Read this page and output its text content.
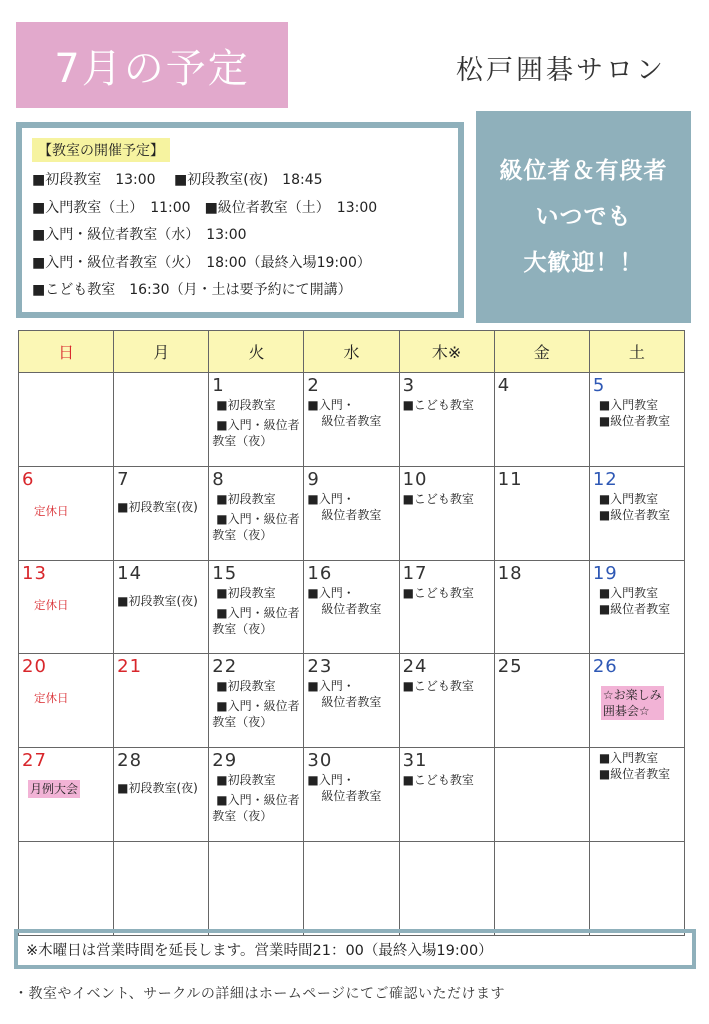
7月の予定	松戸囲碁サロン
【教室の開催予定】
■初段教室　13:00　 ■初段教室(夜)　18:45
■入門教室（土）　11:00　■級位者教室（土）　13:00
■入門・級位者教室（水）　13:00
■入門・級位者教室（火）　18:00（最終入場19:00）
■こども教室　16:30（月・土は要予約にて開講）
級位者＆有段者
いつでも
大歓迎！！
日	月	火	水	木※	金	土

		1
■初段教室
■入門・級位者
教室（夜）	2
■入門・
級位者教室	3
■こども教室	4	5
■入門教室
■級位者教室

6
定休日	7
■初段教室(夜)	8
■初段教室
■入門・級位者
教室（夜）	9
■入門・
級位者教室	10
■こども教室	11	12
■入門教室
■級位者教室

13
定休日	14
■初段教室(夜)	15
■初段教室
■入門・級位者
教室（夜）	16
■入門・
級位者教室	17
■こども教室	18	19
■入門教室
■級位者教室

20
定休日	21	22
■初段教室
■入門・級位者
教室（夜）	23
■入門・
級位者教室	24
■こども教室	25	26
☆お楽しみ
囲碁会☆

27
月例大会	28
■初段教室(夜)	29
■初段教室
■入門・級位者
教室（夜）	30
■入門・
級位者教室	31
■こども教室		■入門教室
■級位者教室

※木曜日は営業時間を延長します。営業時間21：00（最終入場19:00）
・教室やイベント、サークルの詳細はホームページにてご確認いただけます
